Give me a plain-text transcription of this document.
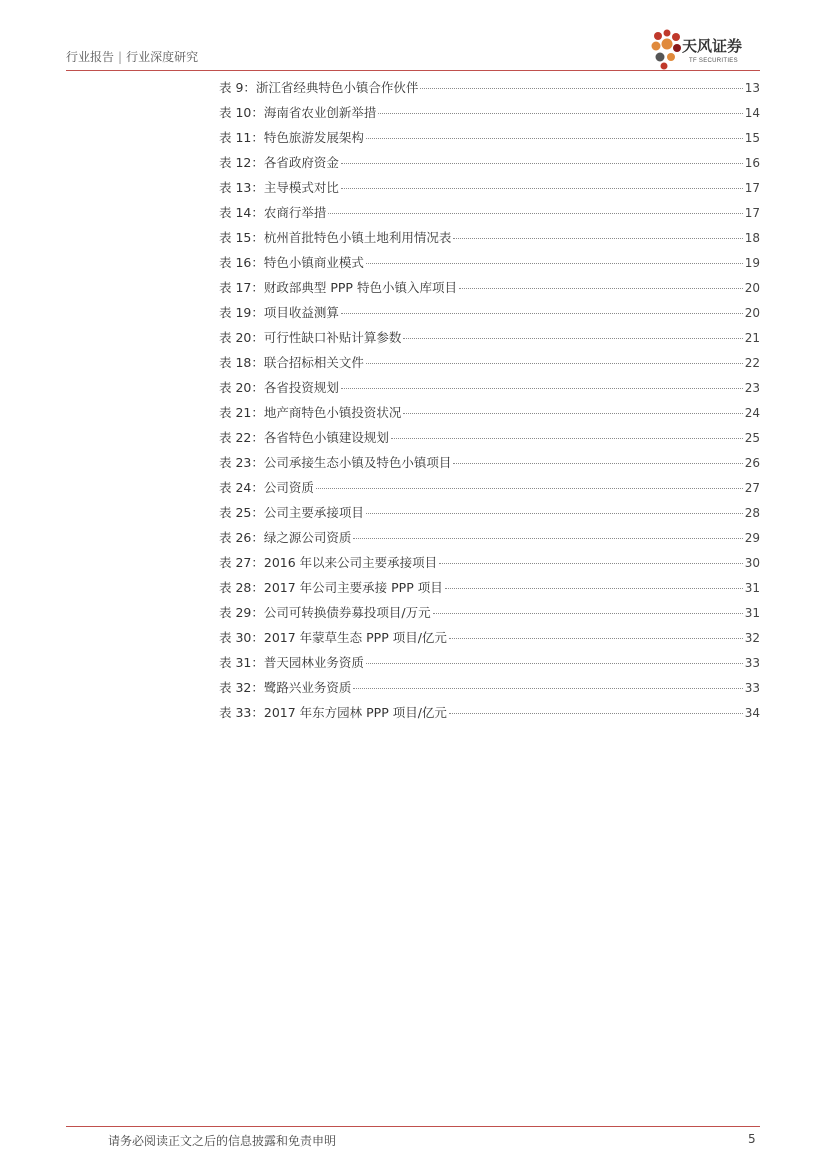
行业报告 | 行业深度研究
天风证券
TF SECURITIES
表 9：浙江省经典特色小镇合作伙伴	13
表 10：海南省农业创新举措	14
表 11：特色旅游发展架构	15
表 12：各省政府资金	16
表 13：主导模式对比	17
表 14：农商行举措	17
表 15：杭州首批特色小镇土地利用情况表	18
表 16：特色小镇商业模式	19
表 17：财政部典型 PPP 特色小镇入库项目	20
表 19：项目收益测算	20
表 20：可行性缺口补贴计算参数	21
表 18：联合招标相关文件	22
表 20：各省投资规划	23
表 21：地产商特色小镇投资状况	24
表 22：各省特色小镇建设规划	25
表 23：公司承接生态小镇及特色小镇项目	26
表 24：公司资质	27
表 25：公司主要承接项目	28
表 26：绿之源公司资质	29
表 27：2016 年以来公司主要承接项目	30
表 28：2017 年公司主要承接 PPP 项目	31
表 29：公司可转换债券募投项目/万元	31
表 30：2017 年蒙草生态 PPP 项目/亿元	32
表 31：普天园林业务资质	33
表 32：鹭路兴业务资质	33
表 33：2017 年东方园林 PPP 项目/亿元	34
请务必阅读正文之后的信息披露和免责申明	5
